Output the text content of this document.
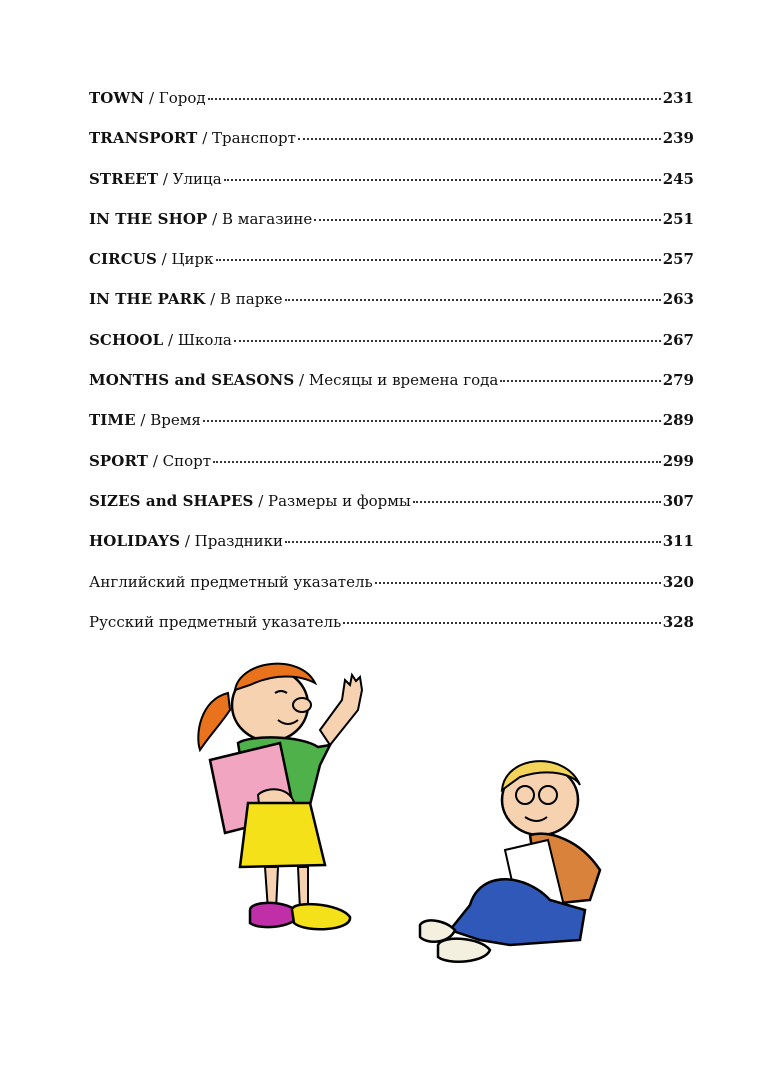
TOWN / Город	231
TRANSPORT / Транспорт	239
STREET / Улица	245
IN THE SHOP / В магазине	251
CIRCUS / Цирк	257
IN THE PARK / В парке	263
SCHOOL / Школа	267
MONTHS and SEASONS / Месяцы и времена года	279
TIME / Время	289
SPORT / Спорт	299
SIZES and SHAPES / Размеры и формы	307
HOLIDAYS / Праздники	311
Английский предметный указатель	320
Русский предметный указатель	328
